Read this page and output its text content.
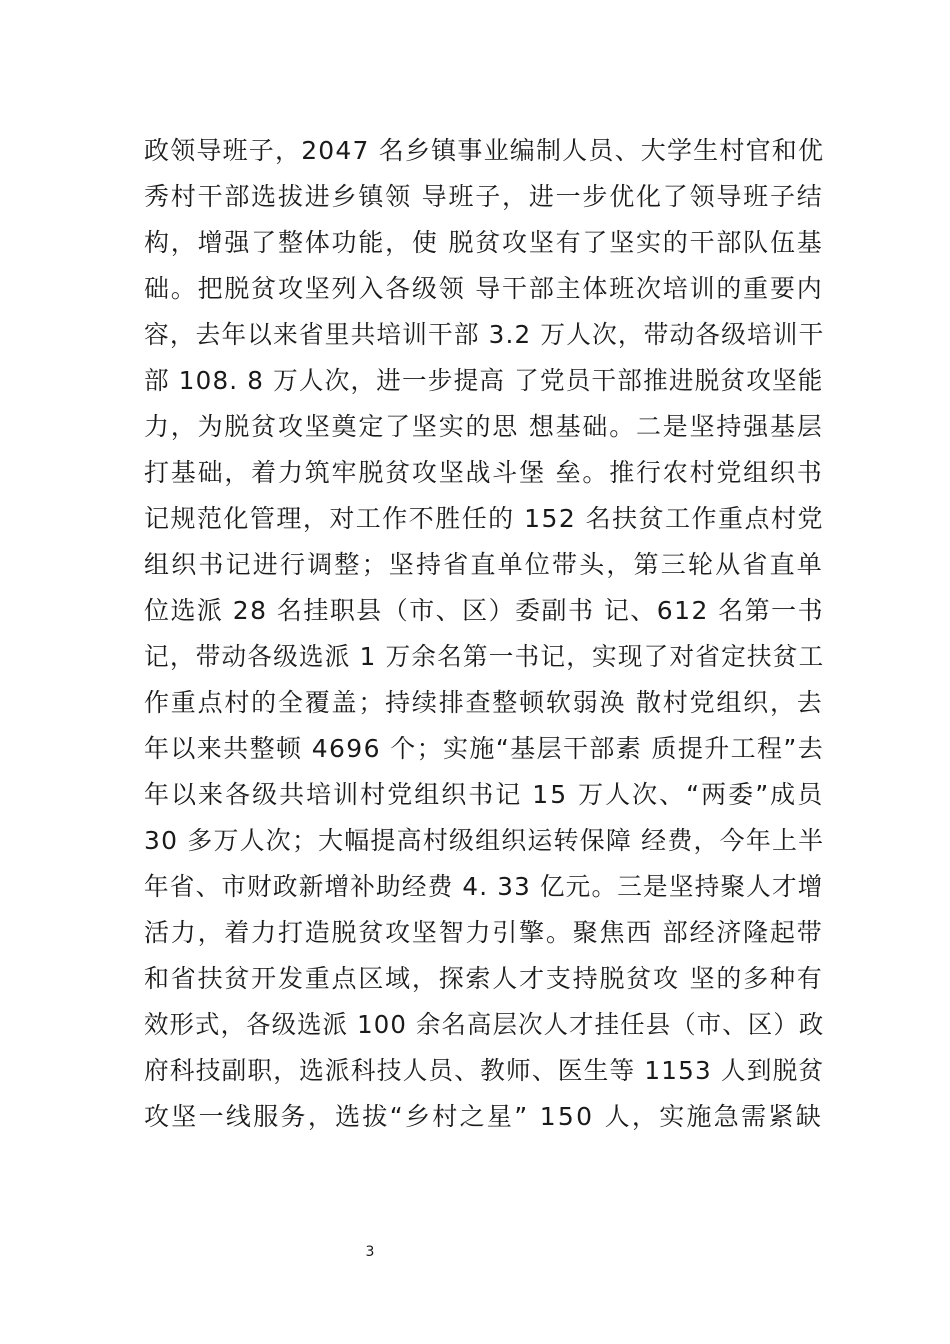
政领导班子，2047 名乡镇事业编制人员、大学生村官和优
秀村干部选拔进乡镇领 导班子，进一步优化了领导班子结
构，增强了整体功能，使 脱贫攻坚有了坚实的干部队伍基
础。把脱贫攻坚列入各级领 导干部主体班次培训的重要内
容，去年以来省里共培训干部 3.2 万人次，带动各级培训干
部 108. 8 万人次，进一步提高 了党员干部推进脱贫攻坚能
力，为脱贫攻坚奠定了坚实的思 想基础。二是坚持强基层
打基础，着力筑牢脱贫攻坚战斗堡 垒。推行农村党组织书
记规范化管理，对工作不胜任的 152 名扶贫工作重点村党
组织书记进行调整；坚持省直单位带头，第三轮从省直单
位选派 28 名挂职县（市、区）委副书 记、612 名第一书
记，带动各级选派 1 万余名第一书记，实现了对省定扶贫工
作重点村的全覆盖；持续排查整顿软弱涣 散村党组织，去
年以来共整顿 4696 个；实施“基层干部素 质提升工程”去
年以来各级共培训村党组织书记 15 万人次、“两委”成员
30 多万人次；大幅提高村级组织运转保障 经费，今年上半
年省、市财政新增补助经费 4. 33 亿元。三是坚持聚人才增
活力，着力打造脱贫攻坚智力引擎。聚焦西 部经济隆起带
和省扶贫开发重点区域，探索人才支持脱贫攻 坚的多种有
效形式，各级选派 100 余名高层次人才挂任县（市、区）政
府科技副职，选派科技人员、教师、医生等 1153 人到脱贫
攻坚一线服务，选拔“乡村之星” 150 人，实施急需紧缺
3
